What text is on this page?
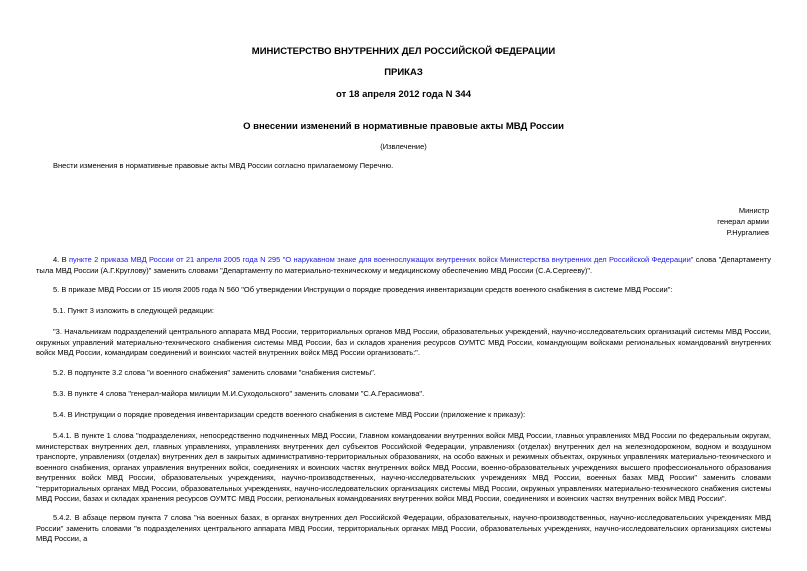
МИНИСТЕРСТВО ВНУТРЕННИХ ДЕЛ РОССИЙСКОЙ ФЕДЕРАЦИИ
ПРИКАЗ
от 18 апреля 2012 года N 344
О внесении изменений в нормативные правовые акты МВД России
(Извлечение)
Внести изменения в нормативные правовые акты МВД России согласно прилагаемому Перечню.
Министр
генерал армии
Р.Нургалиев
4. В пункте 2 приказа МВД России от 21 апреля 2005 года N 295 "О нарукавном знаке для военнослужащих внутренних войск Министерства внутренних дел Российской Федерации" слова "Департаменту тыла МВД России (А.Г.Круглову)" заменить словами "Департаменту по материально-техническому и медицинскому обеспечению МВД России (С.А.Сергееву)".
5. В приказе МВД России от 15 июля 2005 года N 560 "Об утверждении Инструкции о порядке проведения инвентаризации средств военного снабжения в системе МВД России":
5.1. Пункт 3 изложить в следующей редакции:
"3. Начальникам подразделений центрального аппарата МВД России, территориальных органов МВД России, образовательных учреждений, научно-исследовательских организаций системы МВД России, окружных управлений материально-технического снабжения системы МВД России, баз и складов хранения ресурсов ОУМТС МВД России, командующим войсками региональных командований внутренних войск МВД России, командирам соединений и воинских частей внутренних войск МВД России организовать:".
5.2. В подпункте 3.2 слова "и военного снабжения" заменить словами "снабжения системы".
5.3. В пункте 4 слова "генерал-майора милиции М.И.Суходольского" заменить словами "С.А.Герасимова".
5.4. В Инструкции о порядке проведения инвентаризации средств военного снабжения в системе МВД России (приложение к приказу):
5.4.1. В пункте 1 слова "подразделениях, непосредственно подчиненных МВД России, Главном командовании внутренних войск МВД России, главных управлениях МВД России по федеральным округам, министерствах внутренних дел, главных управлениях, управлениях внутренних дел субъектов Российской Федерации, управлениях (отделах) внутренних дел на железнодорожном, водном и воздушном транспорте, управлениях (отделах) внутренних дел в закрытых административно-территориальных образованиях, на особо важных и режимных объектах, окружных управлениях материально-технического и военного снабжения, органах управления внутренних войск, соединениях и воинских частях внутренних войск МВД России, военно-образовательных учреждениях высшего профессионального образования внутренних войск МВД России, образовательных учреждениях, научно-производственных, научно-исследовательских учреждениях МВД России, военных базах МВД России" заменить словами "территориальных органах МВД России, образовательных учреждениях, научно-исследовательских организациях системы МВД России, окружных управлениях материально-технического снабжения системы МВД России, базах и складах хранения ресурсов ОУМТС МВД России, региональных командованиях внутренних войск МВД России, соединениях и воинских частях внутренних войск МВД России".
5.4.2. В абзаце первом пункта 7 слова "на военных базах, в органах внутренних дел Российской Федерации, образовательных, научно-производственных, научно-исследовательских учреждениях МВД России" заменить словами "в подразделениях центрального аппарата МВД России, территориальных органах МВД России, образовательных учреждениях, научно-исследовательских организациях системы МВД России, а
